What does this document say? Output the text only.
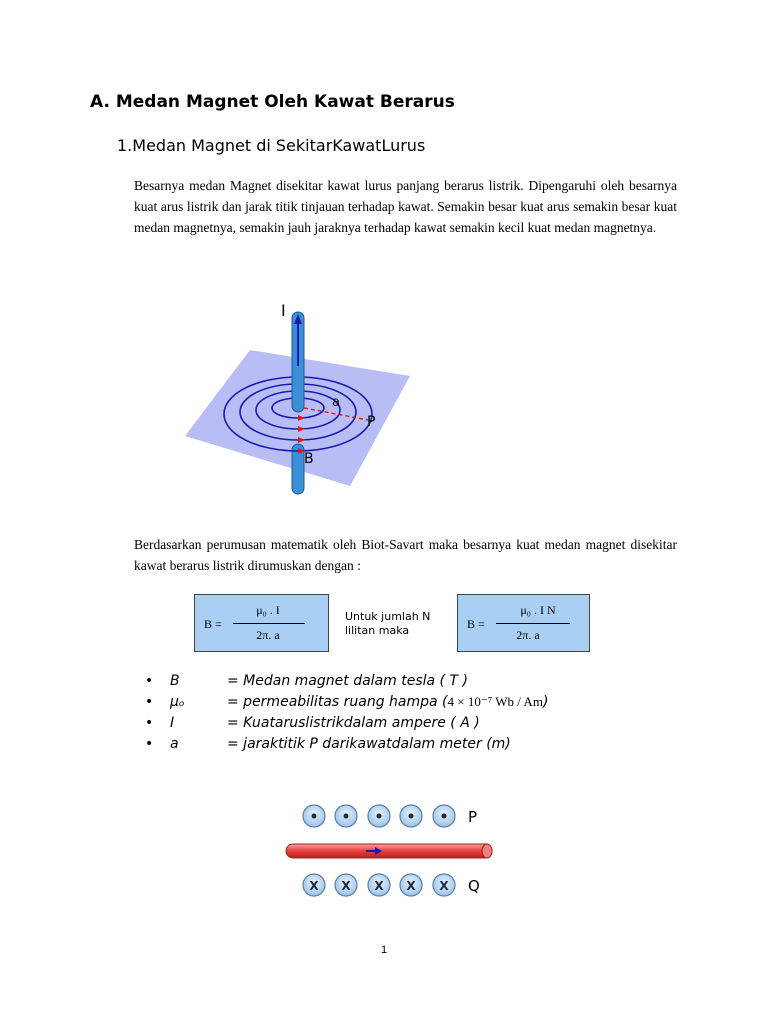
A. Medan Magnet Oleh Kawat Berarus
1.Medan Magnet di SekitarKawatLurus
Besarnya medan Magnet disekitar kawat lurus panjang berarus listrik. Dipengaruhi oleh besarnya kuat arus listrik dan jarak titik tinjauan terhadap kawat. Semakin besar kuat arus semakin besar kuat medan magnetnya, semakin jauh jaraknya terhadap kawat semakin kecil kuat medan magnetnya.
I
a
P
B
Berdasarkan perumusan matematik oleh Biot-Savart maka besarnya kuat medan magnet disekitar kawat berarus listrik dirumuskan dengan :
B =
μ₀ . I
2π. a
Untuk jumlah N
lilitan maka	B =
μ₀ . I N
2π. a
• B	= Medan magnet dalam tesla ( T )
• μₒ	= permeabilitas ruang hampa (4 × 10⁻⁷ Wb / Am)
• I	= Kuataruslistrikdalam ampere ( A )
• a	= jaraktitik P darikawatdalam meter (m)
P
X X X X X Q
1
